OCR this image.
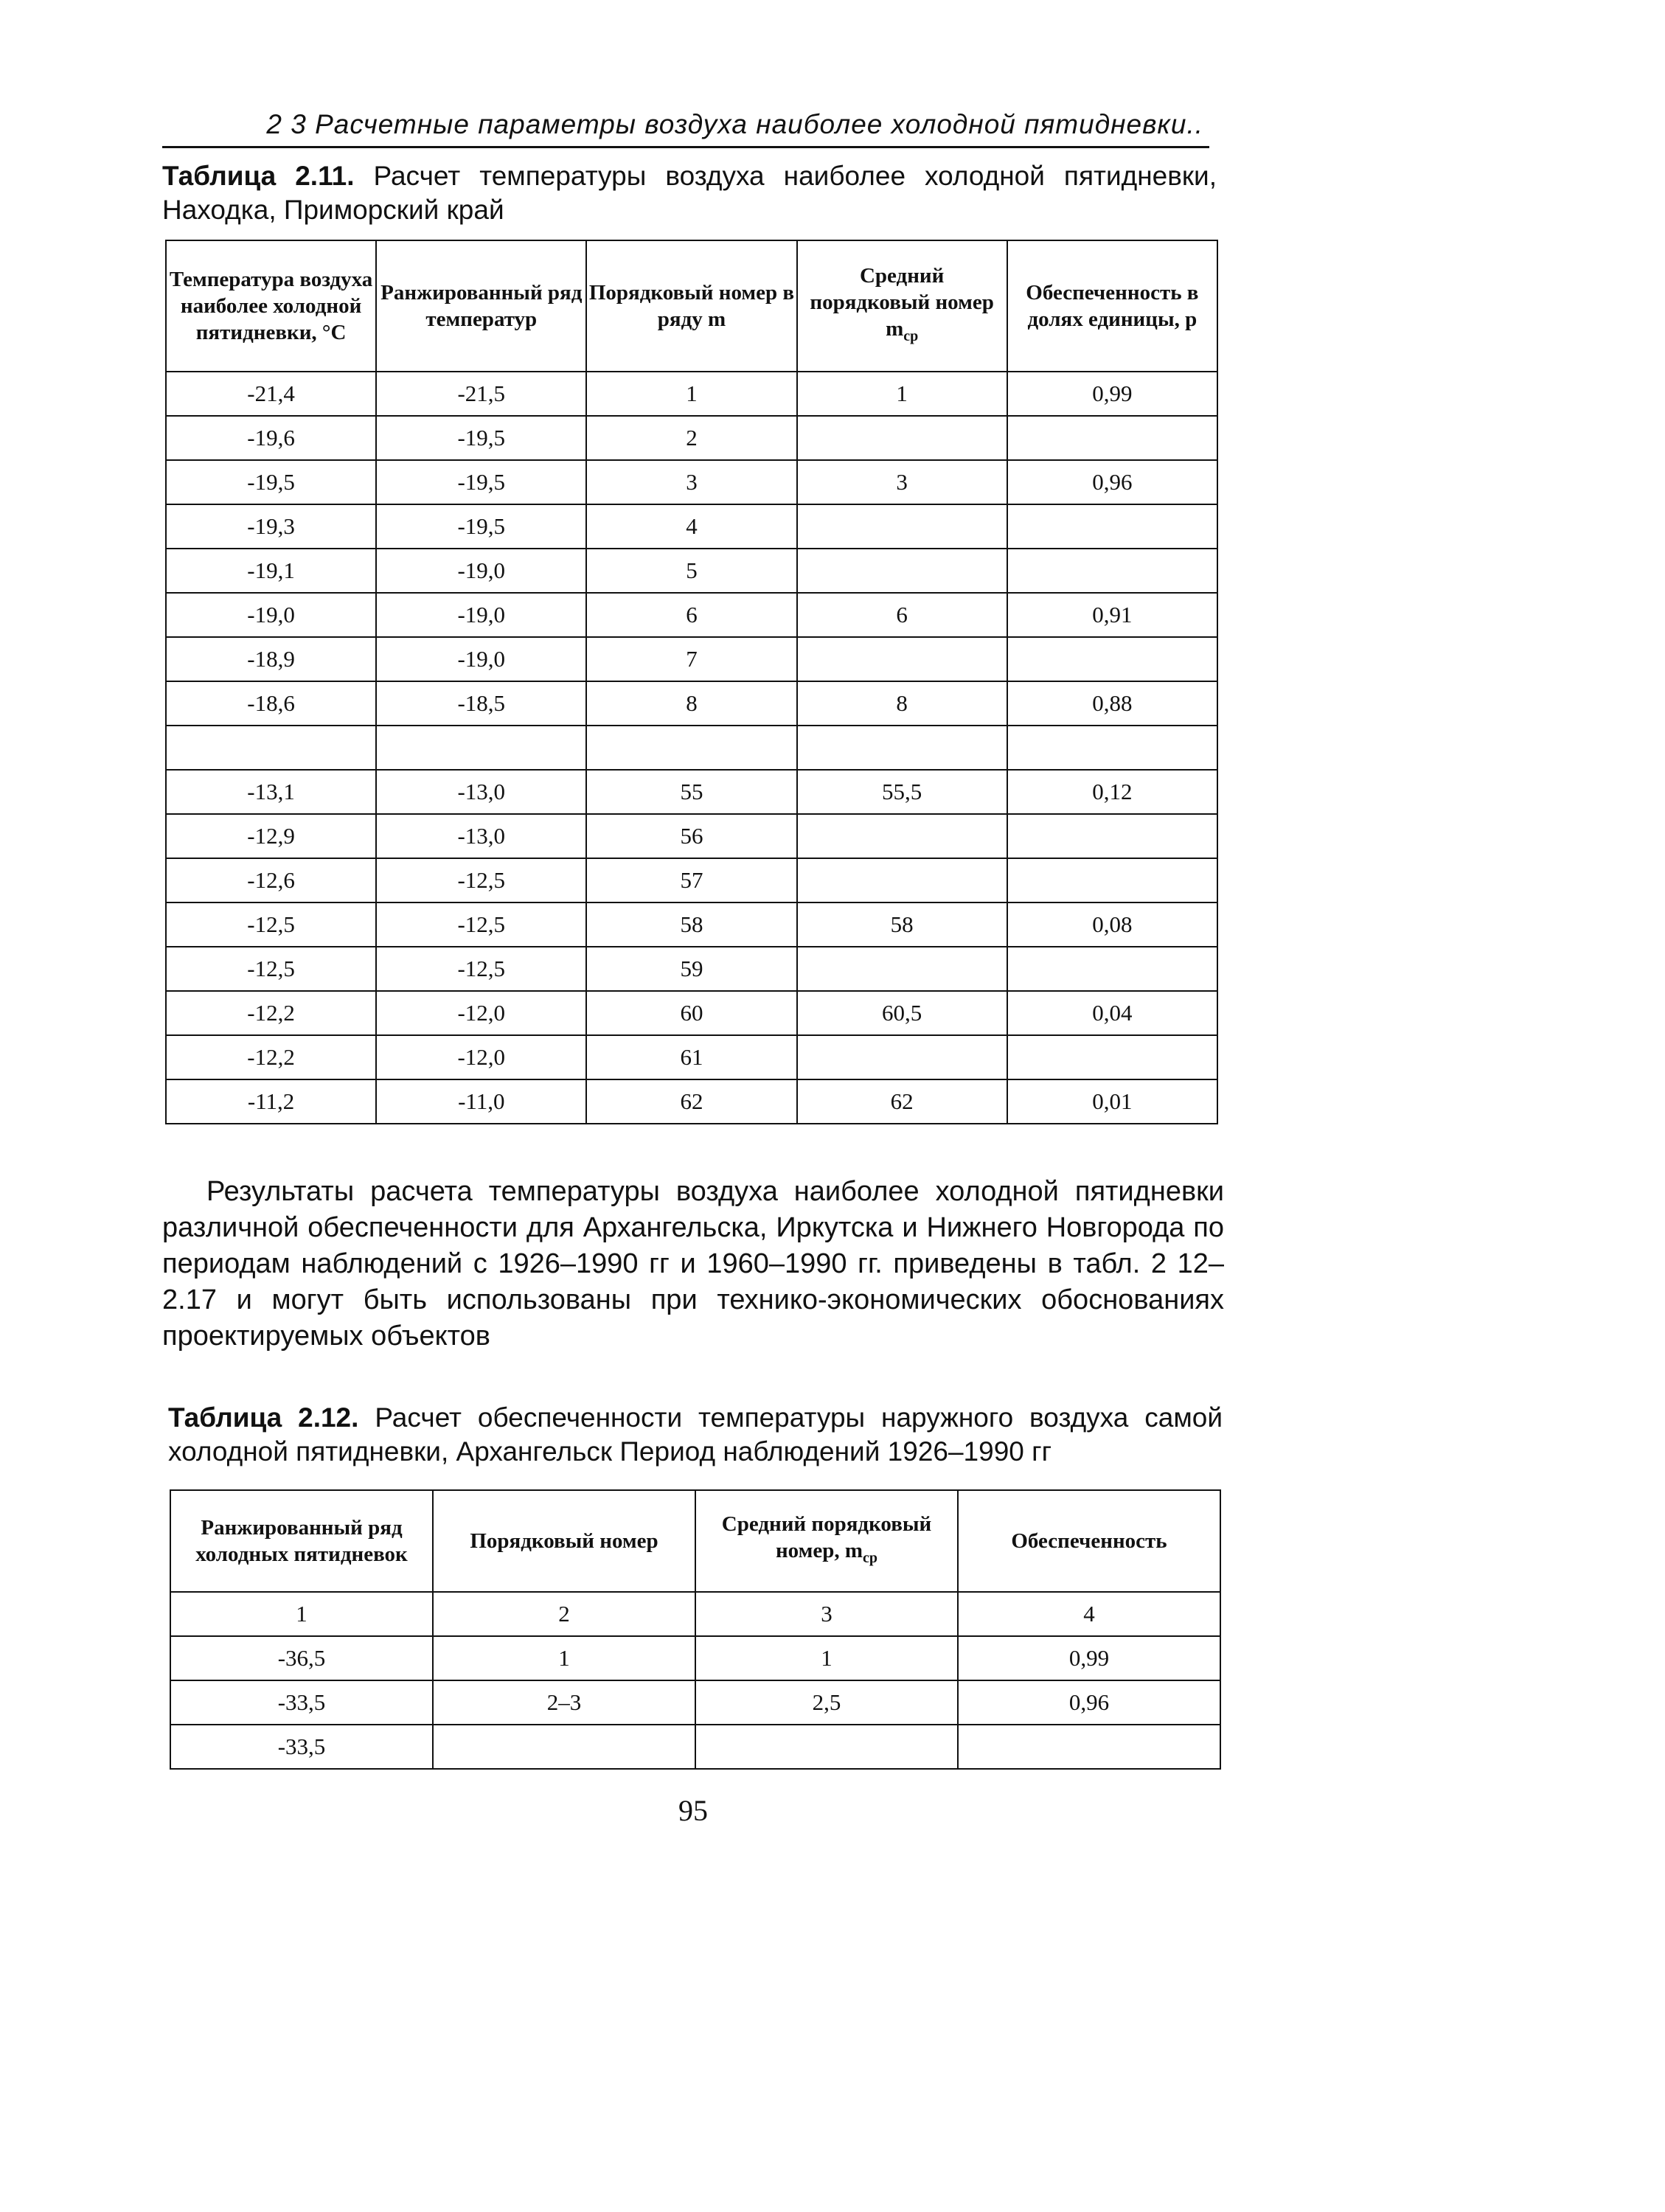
2 3 Расчетные параметры воздуха наиболее холодной пятидневки..
Таблица 2.11. Расчет температуры воздуха наиболее холодной пятидневки, Находка, Приморский край
Температура воздуха наиболее холодной пятидневки, °С	Ранжированный ряд температур	Порядковый номер в ряду m	Средний порядковый номер $m_{ср}$	Обеспеченность в долях единицы, р
-21,4	-21,5	1	1	0,99
-19,6	-19,5	2		
-19,5	-19,5	3	3	0,96
-19,3	-19,5	4		
-19,1	-19,0	5		
-19,0	-19,0	6	6	0,91
-18,9	-19,0	7		
-18,6	-18,5	8	8	0,88

-13,1	-13,0	55	55,5	0,12
-12,9	-13,0	56		
-12,6	-12,5	57		
-12,5	-12,5	58	58	0,08
-12,5	-12,5	59		
-12,2	-12,0	60	60,5	0,04
-12,2	-12,0	61		
-11,2	-11,0	62	62	0,01
Результаты расчета температуры воздуха наиболее холодной пятидневки различной обеспеченности для Архангельска, Иркутска и Нижнего Новгорода по периодам наблюдений с 1926–1990 гг и 1960–1990 гг. приведены в табл. 2 12–2.17 и могут быть использованы при технико-экономических обоснованиях проектируемых объектов
Таблица 2.12. Расчет обеспеченности температуры наружного воздуха самой холодной пятидневки, Архангельск Период наблюдений 1926–1990 гг
Ранжированный ряд холодных пятидневок	Порядковый номер	Средний порядковый номер, $m_{ср}$	Обеспеченность
1	2	3	4
-36,5	1	1	0,99
-33,5	2–3	2,5	0,96
-33,5			
95
